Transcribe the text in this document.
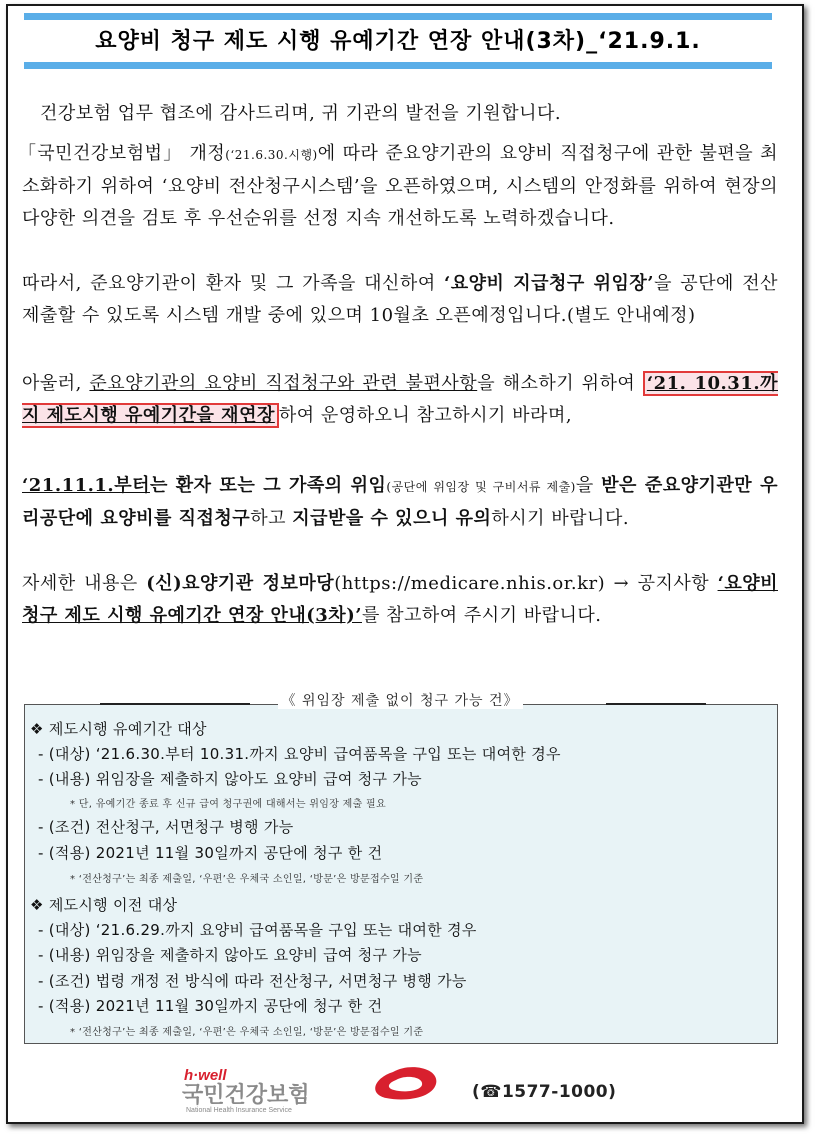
요양비 청구 제도 시행 유예기간 연장 안내(3차)_‘21.9.1.
건강보험 업무 협조에 감사드리며, 귀 기관의 발전을 기원합니다.
「국민건강보험법」 개정(‘21.6.30.시행)에 따라 준요양기관의 요양비 직접청구에 관한 불편을 최소화하기 위하여 ‘요양비 전산청구시스템’을 오픈하였으며, 시스템의 안정화를 위하여 현장의 다양한 의견을 검토 후 우선순위를 선정 지속 개선하도록 노력하겠습니다.
따라서, 준요양기관이 환자 및 그 가족을 대신하여 ‘요양비 지급청구 위임장’을 공단에 전산 제출할 수 있도록 시스템 개발 중에 있으며 10월초 오픈예정입니다.(별도 안내예정)
아울러, 준요양기관의 요양비 직접청구와 관련 불편사항을 해소하기 위하여 ‘21. 10.31.까지 제도시행 유예기간을 재연장 하여 운영하오니 참고하시기 바라며,
‘21.11.1.부터는 환자 또는 그 가족의 위임(공단에 위임장 및 구비서류 제출)을 받은 준요양기관만 우리공단에 요양비를 직접청구하고 지급받을 수 있으니 유의하시기 바랍니다.
자세한 내용은 (신)요양기관 정보마당(https://medicare.nhis.or.kr) → 공지사항 ‘요양비 청구 제도 시행 유예기간 연장 안내(3차)’를 참고하여 주시기 바랍니다.
《 위임장 제출 없이 청구 가능 건》
❖ 제도시행 유예기간 대상
- (대상) ‘21.6.30.부터 10.31.까지 요양비 급여품목을 구입 또는 대여한 경우
- (내용) 위임장을 제출하지 않아도 요양비 급여 청구 가능
* 단, 유예기간 종료 후 신규 급여 청구권에 대해서는 위임장 제출 필요
- (조건) 전산청구, 서면청구 병행 가능
- (적용) 2021년 11월 30일까지 공단에 청구 한 건
* ‘전산청구’는 최종 제출일, ‘우편’은 우체국 소인일, ‘방문’은 방문접수일 기준
❖ 제도시행 이전 대상
- (대상) ‘21.6.29.까지 요양비 급여품목을 구입 또는 대여한 경우
- (내용) 위임장을 제출하지 않아도 요양비 급여 청구 가능
- (조건) 법령 개정 전 방식에 따라 전산청구, 서면청구 병행 가능
- (적용) 2021년 11월 30일까지 공단에 청구 한 건
* ‘전산청구’는 최종 제출일, ‘우편’은 우체국 소인일, ‘방문’은 방문접수일 기준
h·well
국민건강보험
National Health Insurance Service
(☎1577-1000)
